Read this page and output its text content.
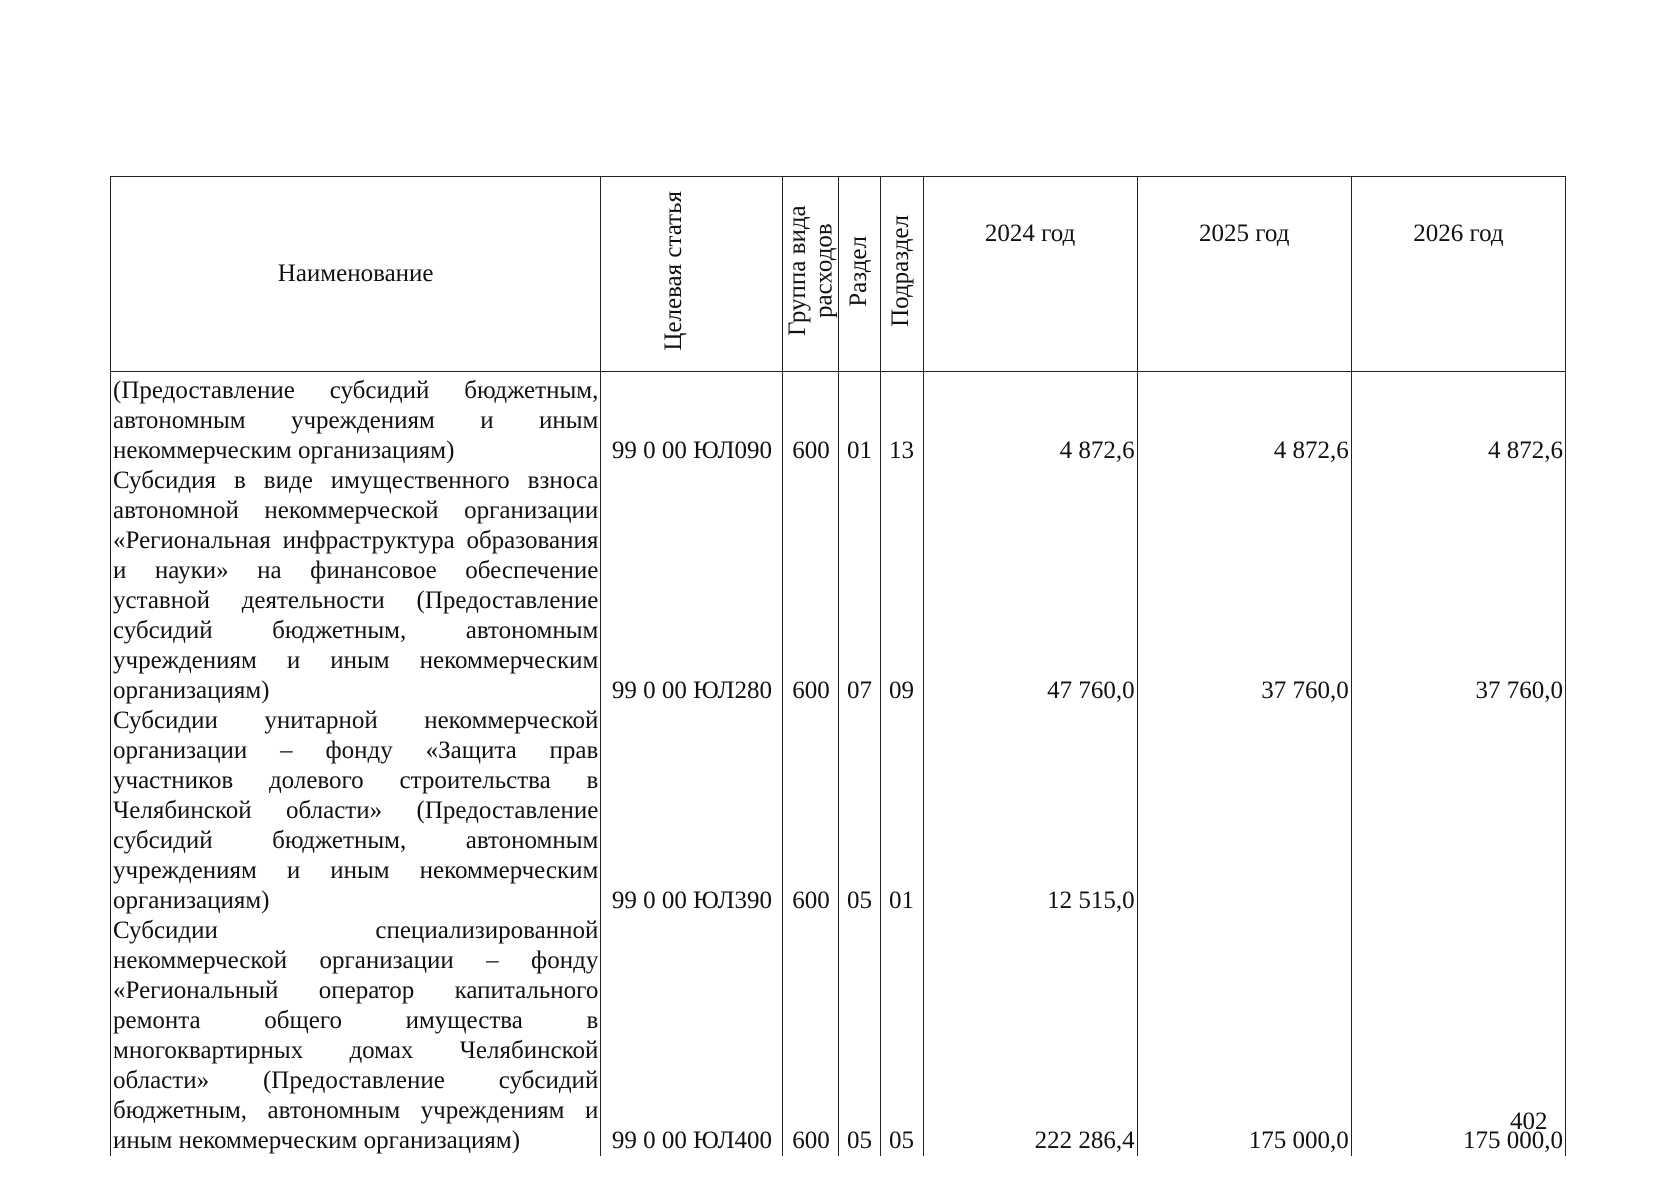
Наименование	Целевая статья	Группа вида расходов	Раздел	Подраздел	2024 год	2025 год	2026 год

(Предоставление субсидий бюджетным, автономным учреждениям и иным некоммерческим организациям)	99 0 00 ЮЛ090	600	01	13	4 872,6	4 872,6	4 872,6
Субсидия в виде имущественного взноса автономной некоммерческой организации «Региональная инфраструктура образования и науки» на финансовое обеспечение уставной деятельности (Предоставление субсидий бюджетным, автономным учреждениям и иным некоммерческим организациям)	99 0 00 ЮЛ280	600	07	09	47 760,0	37 760,0	37 760,0
Субсидии унитарной некоммерческой организации – фонду «Защита прав участников долевого строительства в Челябинской области» (Предоставление субсидий бюджетным, автономным учреждениям и иным некоммерческим организациям)	99 0 00 ЮЛ390	600	05	01	12 515,0		
Субсидии специализированной некоммерческой организации – фонду «Региональный оператор капитального ремонта общего имущества в многоквартирных домах Челябинской области» (Предоставление субсидий бюджетным, автономным учреждениям и иным некоммерческим организациям)	99 0 00 ЮЛ400	600	05	05	222 286,4	175 000,0	175 000,0
402
